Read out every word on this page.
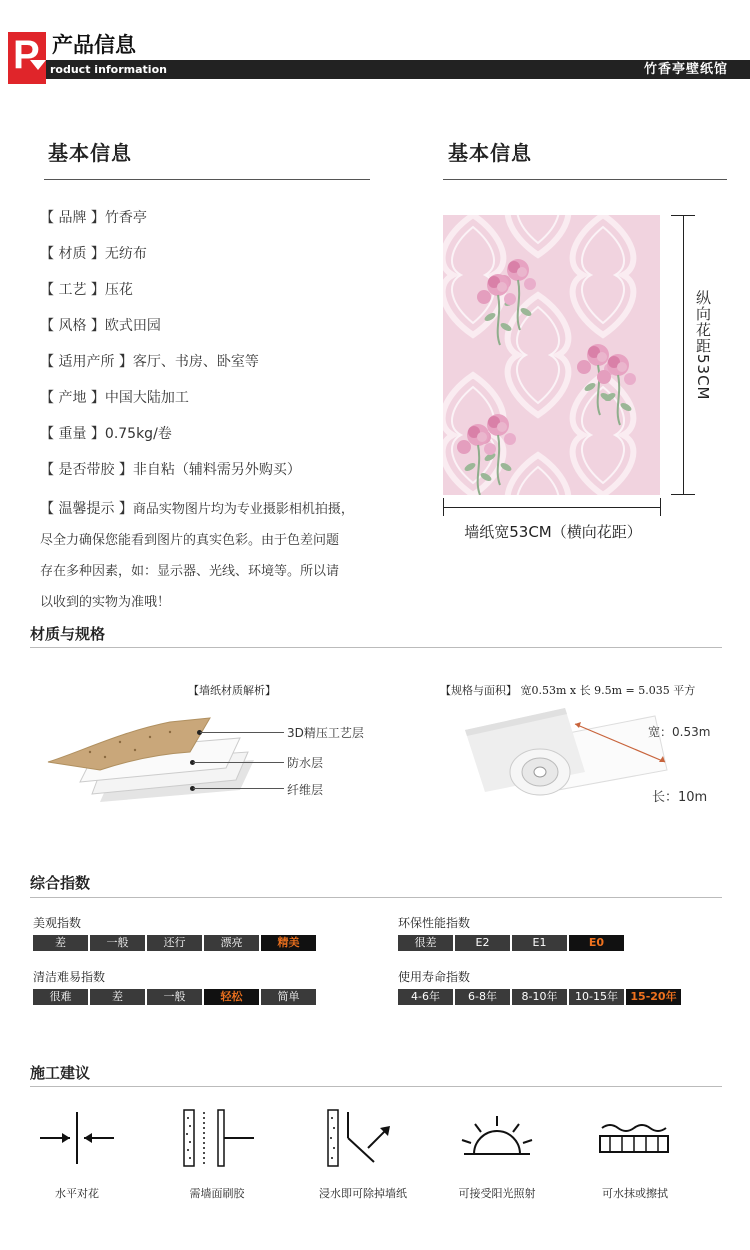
P 产品信息
roduct information	竹香亭壁纸馆
基本信息	基本信息
【 品牌 】竹香亭
【 材质 】无纺布
【 工艺 】压花
【 风格 】欧式田园
【 适用产所 】客厅、书房、卧室等
【 产地 】中国大陆加工
【 重量 】0.75kg/卷
【 是否带胶 】非自粘（辅料需另外购买）
【 温馨提示 】商品实物图片均为专业摄影相机拍摄，
尽全力确保您能看到图片的真实色彩。由于色差问题
存在多种因素，如：显示器、光线、环境等。所以请
以收到的实物为准哦！
纵向花距53CM
墙纸宽53CM（横向花距）
材质与规格
【墙纸材质解析】
3D精压工艺层
防水层
纤维层
【规格与面积】 宽0.53m x 长 9.5m = 5.035 平方
宽：0.53m
长：10m
综合指数
美观指数
差	一般	还行	漂亮	精美
环保性能指数
很差	E2	E1	E0
清洁难易指数
很难	差	一般	轻松	简单
使用寿命指数
4-6年	6-8年	8-10年	10-15年	15-20年
施工建议
水平对花	需墙面刷胶	浸水即可除掉墙纸	可接受阳光照射	可水抹或擦拭
